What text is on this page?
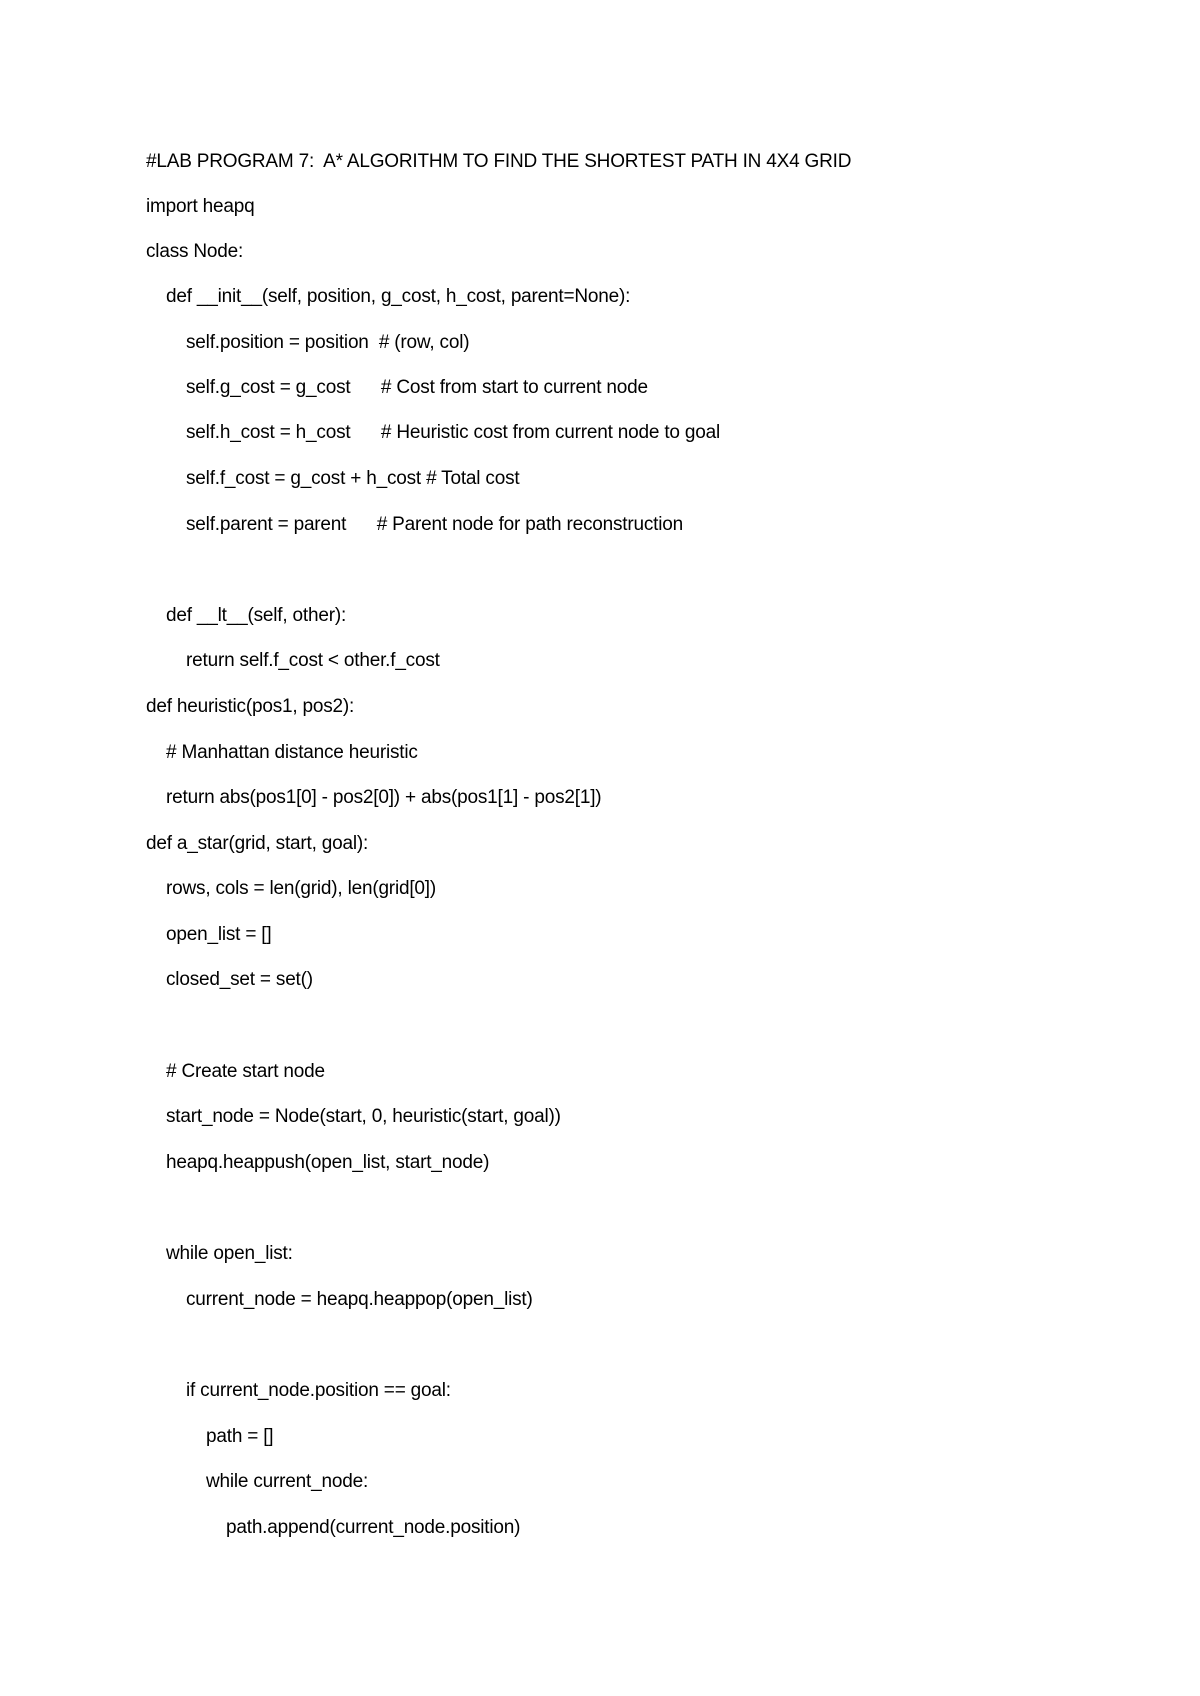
#LAB PROGRAM 7:  A* ALGORITHM TO FIND THE SHORTEST PATH IN 4X4 GRID
import heapq
class Node:
def __init__(self, position, g_cost, h_cost, parent=None):
self.position = position  # (row, col)
self.g_cost = g_cost      # Cost from start to current node
self.h_cost = h_cost      # Heuristic cost from current node to goal
self.f_cost = g_cost + h_cost # Total cost
self.parent = parent      # Parent node for path reconstruction
def __lt__(self, other):
return self.f_cost < other.f_cost
def heuristic(pos1, pos2):
# Manhattan distance heuristic
return abs(pos1[0] - pos2[0]) + abs(pos1[1] - pos2[1])
def a_star(grid, start, goal):
rows, cols = len(grid), len(grid[0])
open_list = []
closed_set = set()
# Create start node
start_node = Node(start, 0, heuristic(start, goal))
heapq.heappush(open_list, start_node)
while open_list:
current_node = heapq.heappop(open_list)
if current_node.position == goal:
path = []
while current_node:
path.append(current_node.position)
